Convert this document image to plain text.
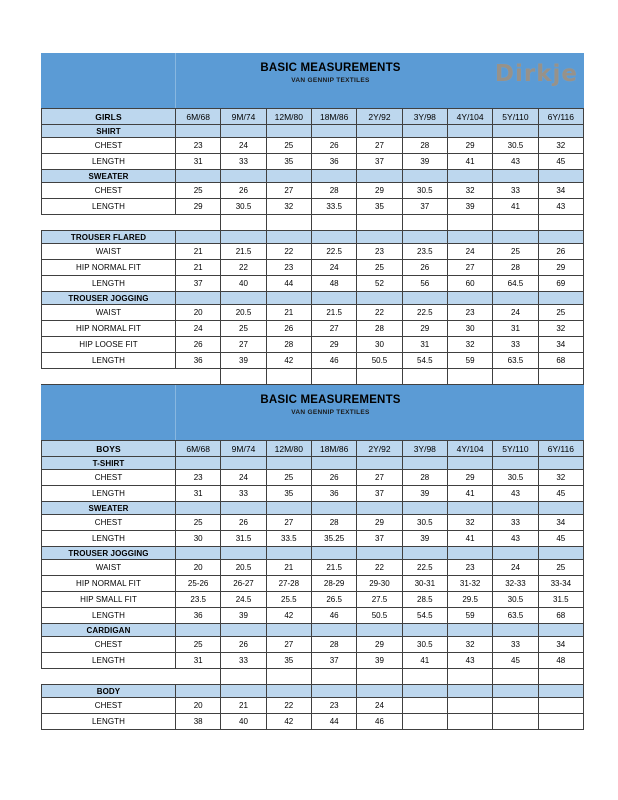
BASIC MEASUREMENTS
VAN GENNIP TEXTILES	Dirkje
GIRLS	6M/68	9M/74	12M/80	18M/86	2Y/92	3Y/98	4Y/104	5Y/110	6Y/116
SHIRT									
CHEST	23	24	25	26	27	28	29	30.5	32
LENGTH	31	33	35	36	37	39	41	43	45
SWEATER									
CHEST	25	26	27	28	29	30.5	32	33	34
LENGTH	29	30.5	32	33.5	35	37	39	41	43

TROUSER FLARED									
WAIST	21	21.5	22	22.5	23	23.5	24	25	26
HIP NORMAL FIT	21	22	23	24	25	26	27	28	29
LENGTH	37	40	44	48	52	56	60	64.5	69
TROUSER JOGGING									
WAIST	20	20.5	21	21.5	22	22.5	23	24	25
HIP NORMAL FIT	24	25	26	27	28	29	30	31	32
HIP LOOSE FIT	26	27	28	29	30	31	32	33	34
LENGTH	36	39	42	46	50.5	54.5	59	63.5	68

BASIC MEASUREMENTS
VAN GENNIP TEXTILES
BOYS	6M/68	9M/74	12M/80	18M/86	2Y/92	3Y/98	4Y/104	5Y/110	6Y/116
T-SHIRT									
CHEST	23	24	25	26	27	28	29	30.5	32
LENGTH	31	33	35	36	37	39	41	43	45
SWEATER									
CHEST	25	26	27	28	29	30.5	32	33	34
LENGTH	30	31.5	33.5	35.25	37	39	41	43	45
TROUSER JOGGING									
WAIST	20	20.5	21	21.5	22	22.5	23	24	25
HIP NORMAL FIT	25-26	26-27	27-28	28-29	29-30	30-31	31-32	32-33	33-34
HIP SMALL FIT	23.5	24.5	25.5	26.5	27.5	28.5	29.5	30.5	31.5
LENGTH	36	39	42	46	50.5	54.5	59	63.5	68
CARDIGAN									
CHEST	25	26	27	28	29	30.5	32	33	34
LENGTH	31	33	35	37	39	41	43	45	48

BODY									
CHEST	20	21	22	23	24				
LENGTH	38	40	42	44	46				
